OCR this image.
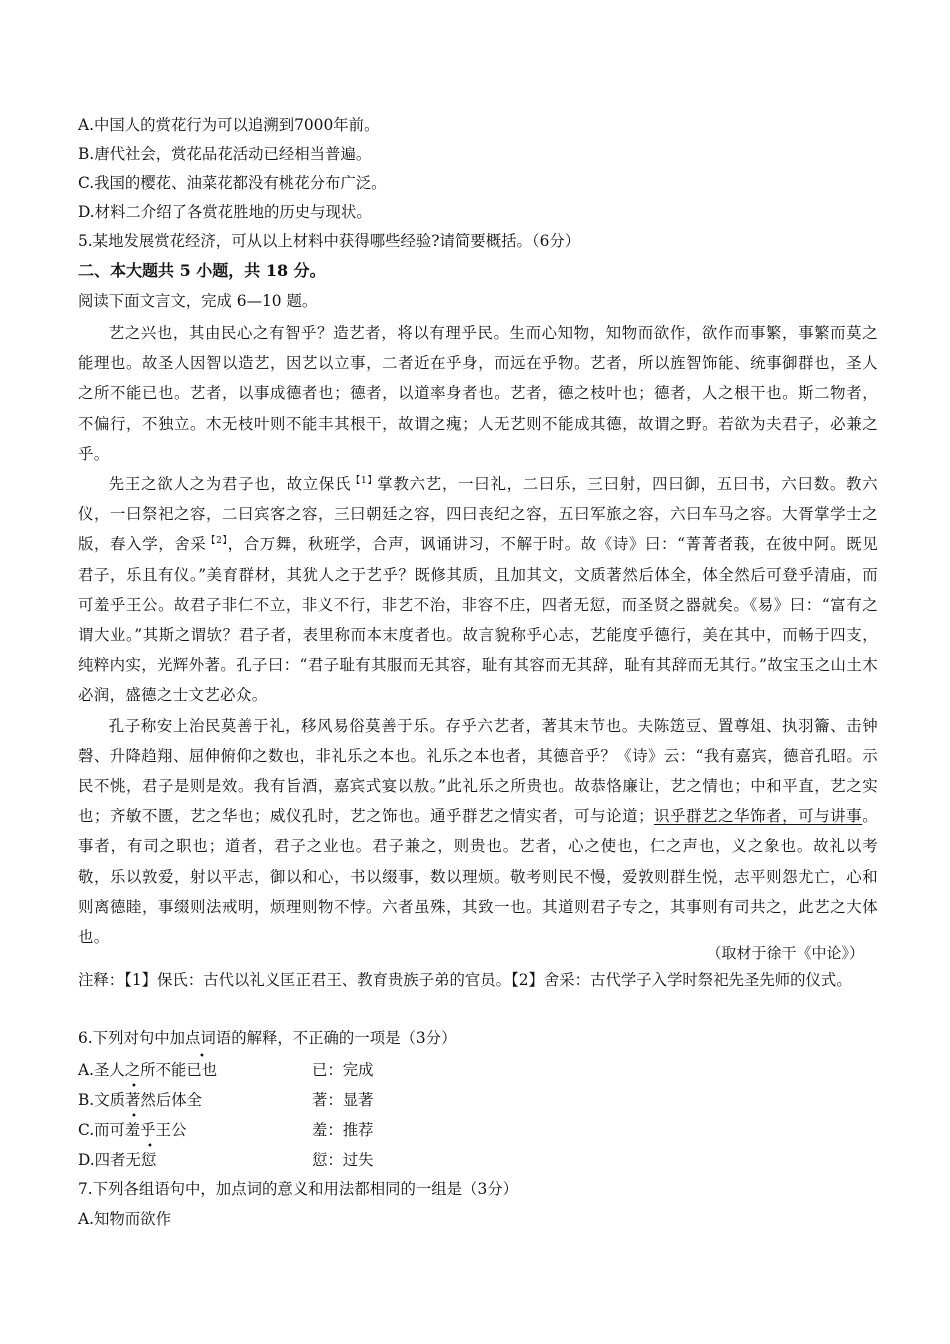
A.中国人的赏花行为可以追溯到7000年前。
B.唐代社会，赏花品花活动已经相当普遍。
C.我国的樱花、油菜花都没有桃花分布广泛。
D.材料二介绍了各赏花胜地的历史与现状。
5.某地发展赏花经济，可从以上材料中获得哪些经验?请简要概括。（6分）
二、本大题共 5 小题，共 18 分。
阅读下面文言文，完成 6—10 题。

艺之兴也，其由民心之有智乎？造艺者，将以有理乎民。生而心知物，知物而欲作，欲作而事繁，事繁而莫之能理也。故圣人因智以造艺，因艺以立事，二者近在乎身，而远在乎物。艺者，所以旌智饰能、统事御群也，圣人之所不能已也。艺者，以事成德者也；德者，以道率身者也。艺者，德之枝叶也；德者，人之根干也。斯二物者，不偏行，不独立。木无枝叶则不能丰其根干，故谓之瘣；人无艺则不能成其德，故谓之野。若欲为夫君子，必兼之乎。

先王之欲人之为君子也，故立保氏$^{【1】}$掌教六艺，一曰礼，二曰乐，三曰射，四曰御，五曰书，六曰数。教六仪，一曰祭祀之容，二曰宾客之容，三曰朝廷之容，四曰丧纪之容，五曰军旅之容，六曰车马之容。大胥掌学士之版，春入学，舍采$^{【2】}$，合万舞，秋班学，合声，讽诵讲习，不解于时。故《诗》曰：“菁菁者莪，在彼中阿。既见君子，乐且有仪。”美育群材，其犹人之于艺乎？既修其质，且加其文，文质著然后体全，体全然后可登乎清庙，而可羞乎王公。故君子非仁不立，非义不行，非艺不治，非容不庄，四者无愆，而圣贤之器就矣。《易》曰：“富有之谓大业。”其斯之谓欤？君子者，表里称而本末度者也。故言貌称乎心志，艺能度乎德行，美在其中，而畅于四支，纯粹内实，光辉外著。孔子曰：“君子耻有其服而无其容，耻有其容而无其辞，耻有其辞而无其行。”故宝玉之山土木必润，盛德之士文艺必众。

孔子称安上治民莫善于礼，移风易俗莫善于乐。存乎六艺者，著其末节也。夫陈笾豆、置尊俎、执羽籥、击钟磬、升降趋翔、屈伸俯仰之数也，非礼乐之本也。礼乐之本也者，其德音乎？《诗》云：“我有嘉宾，德音孔昭。示民不恌，君子是则是效。我有旨酒，嘉宾式宴以敖。”此礼乐之所贵也。故恭恪廉让，艺之情也；中和平直，艺之实也；齐敏不匮，艺之华也；威仪孔时，艺之饰也。通乎群艺之情实者，可与论道；识乎群艺之华饰者，可与讲事。事者，有司之职也；道者，君子之业也。君子兼之，则贵也。艺者，心之使也，仁之声也，义之象也。故礼以考敬，乐以敦爱，射以平志，御以和心，书以缀事，数以理烦。敬考则民不慢，爱敦则群生悦，志平则怨尤亡，心和则离德睦，事缀则法戒明，烦理则物不悖。六者虽殊，其致一也。其道则君子专之，其事则有司共之，此艺之大体也。

（取材于徐干《中论》）
注释：【1】保氏：古代以礼义匡正君王、教育贵族子弟的官员。【2】舍采：古代学子入学时祭祀先圣先师的仪式。
6.下列对句中加点词语的解释，不正确的一项是（3分）
A.圣人之所不能已也	已：完成
B.文质著然后体全	著：显著
C.而可羞乎王公	羞：推荐
D.四者无愆	愆：过失
7.下列各组语句中，加点词的意义和用法都相同的一组是（3分）
A.知物而欲作
•
•
•
•
